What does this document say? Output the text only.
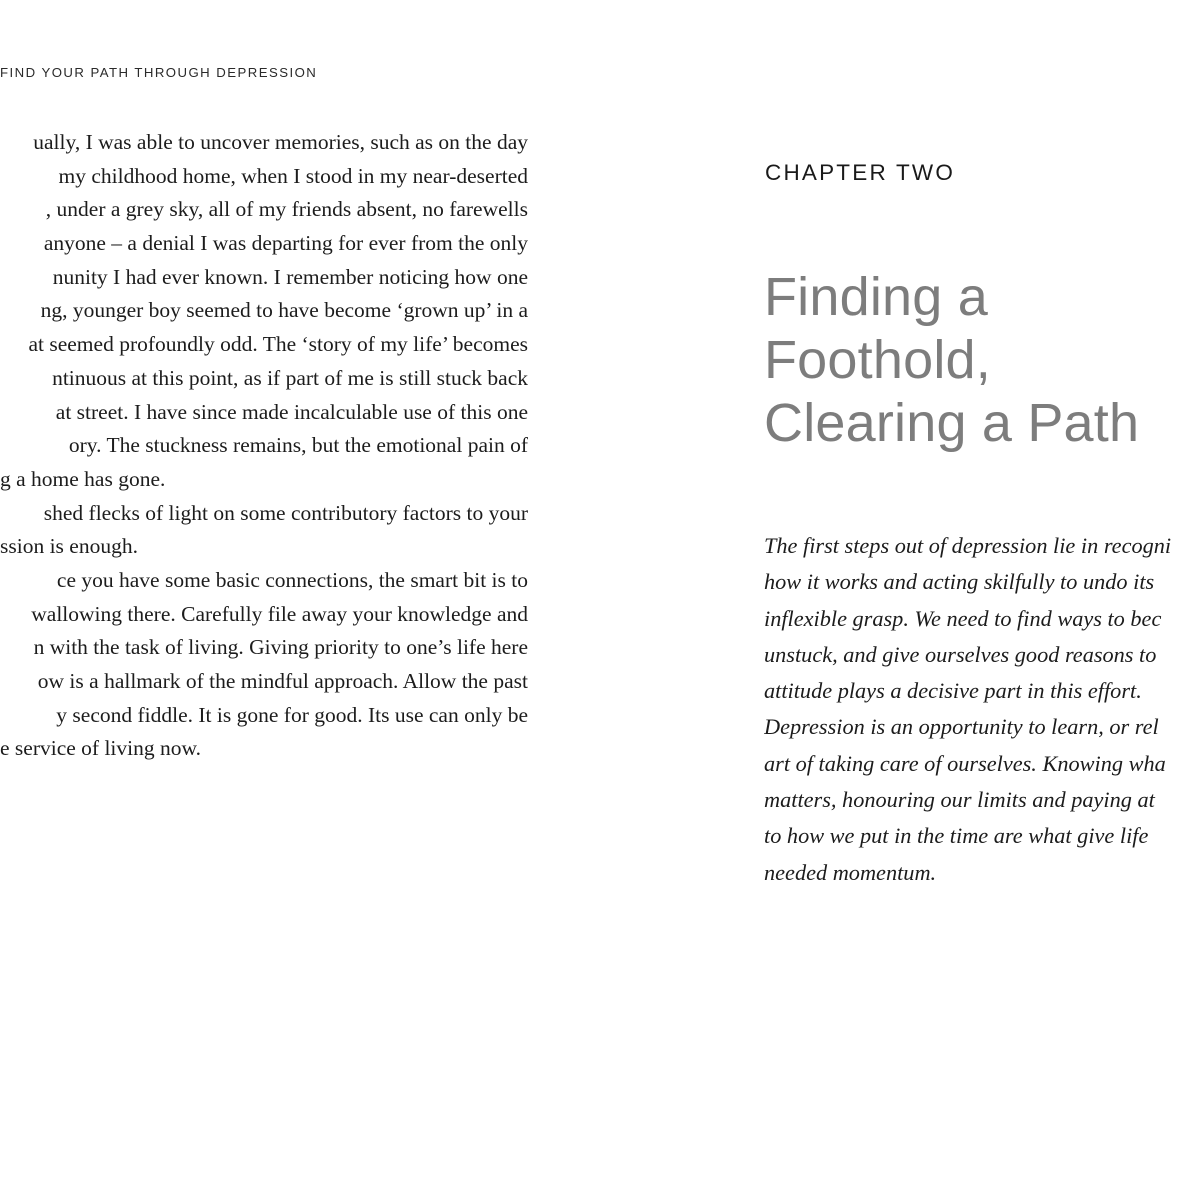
FIND YOUR PATH THROUGH DEPRESSION
ually, I was able to uncover memories, such as on the day
my childhood home, when I stood in my near-deserted
, under a grey sky, all of my friends absent, no farewells
anyone – a denial I was departing for ever from the only
nunity I had ever known. I remember noticing how one
ng, younger boy seemed to have become ‘grown up’ in a
at seemed profoundly odd. The ‘story of my life’ becomes
ntinuous at this point, as if part of me is still stuck back
at street. I have since made incalculable use of this one
ory. The stuckness remains, but the emotional pain of
g a home has gone.
shed flecks of light on some contributory factors to your
ssion is enough.
ce you have some basic connections, the smart bit is to
wallowing there. Carefully file away your knowledge and
n with the task of living. Giving priority to one’s life here
ow is a hallmark of the mindful approach. Allow the past
y second fiddle. It is gone for good. Its use can only be
e service of living now.
CHAPTER TWO
Finding a
Foothold,
Clearing a Path
The first steps out of depression lie in recogni
how it works and acting skilfully to undo its
inflexible grasp. We need to find ways to bec
unstuck, and give ourselves good reasons to
attitude plays a decisive part in this effort.
Depression is an opportunity to learn, or rel
art of taking care of ourselves. Knowing wha
matters, honouring our limits and paying at
to how we put in the time are what give life
needed momentum.
